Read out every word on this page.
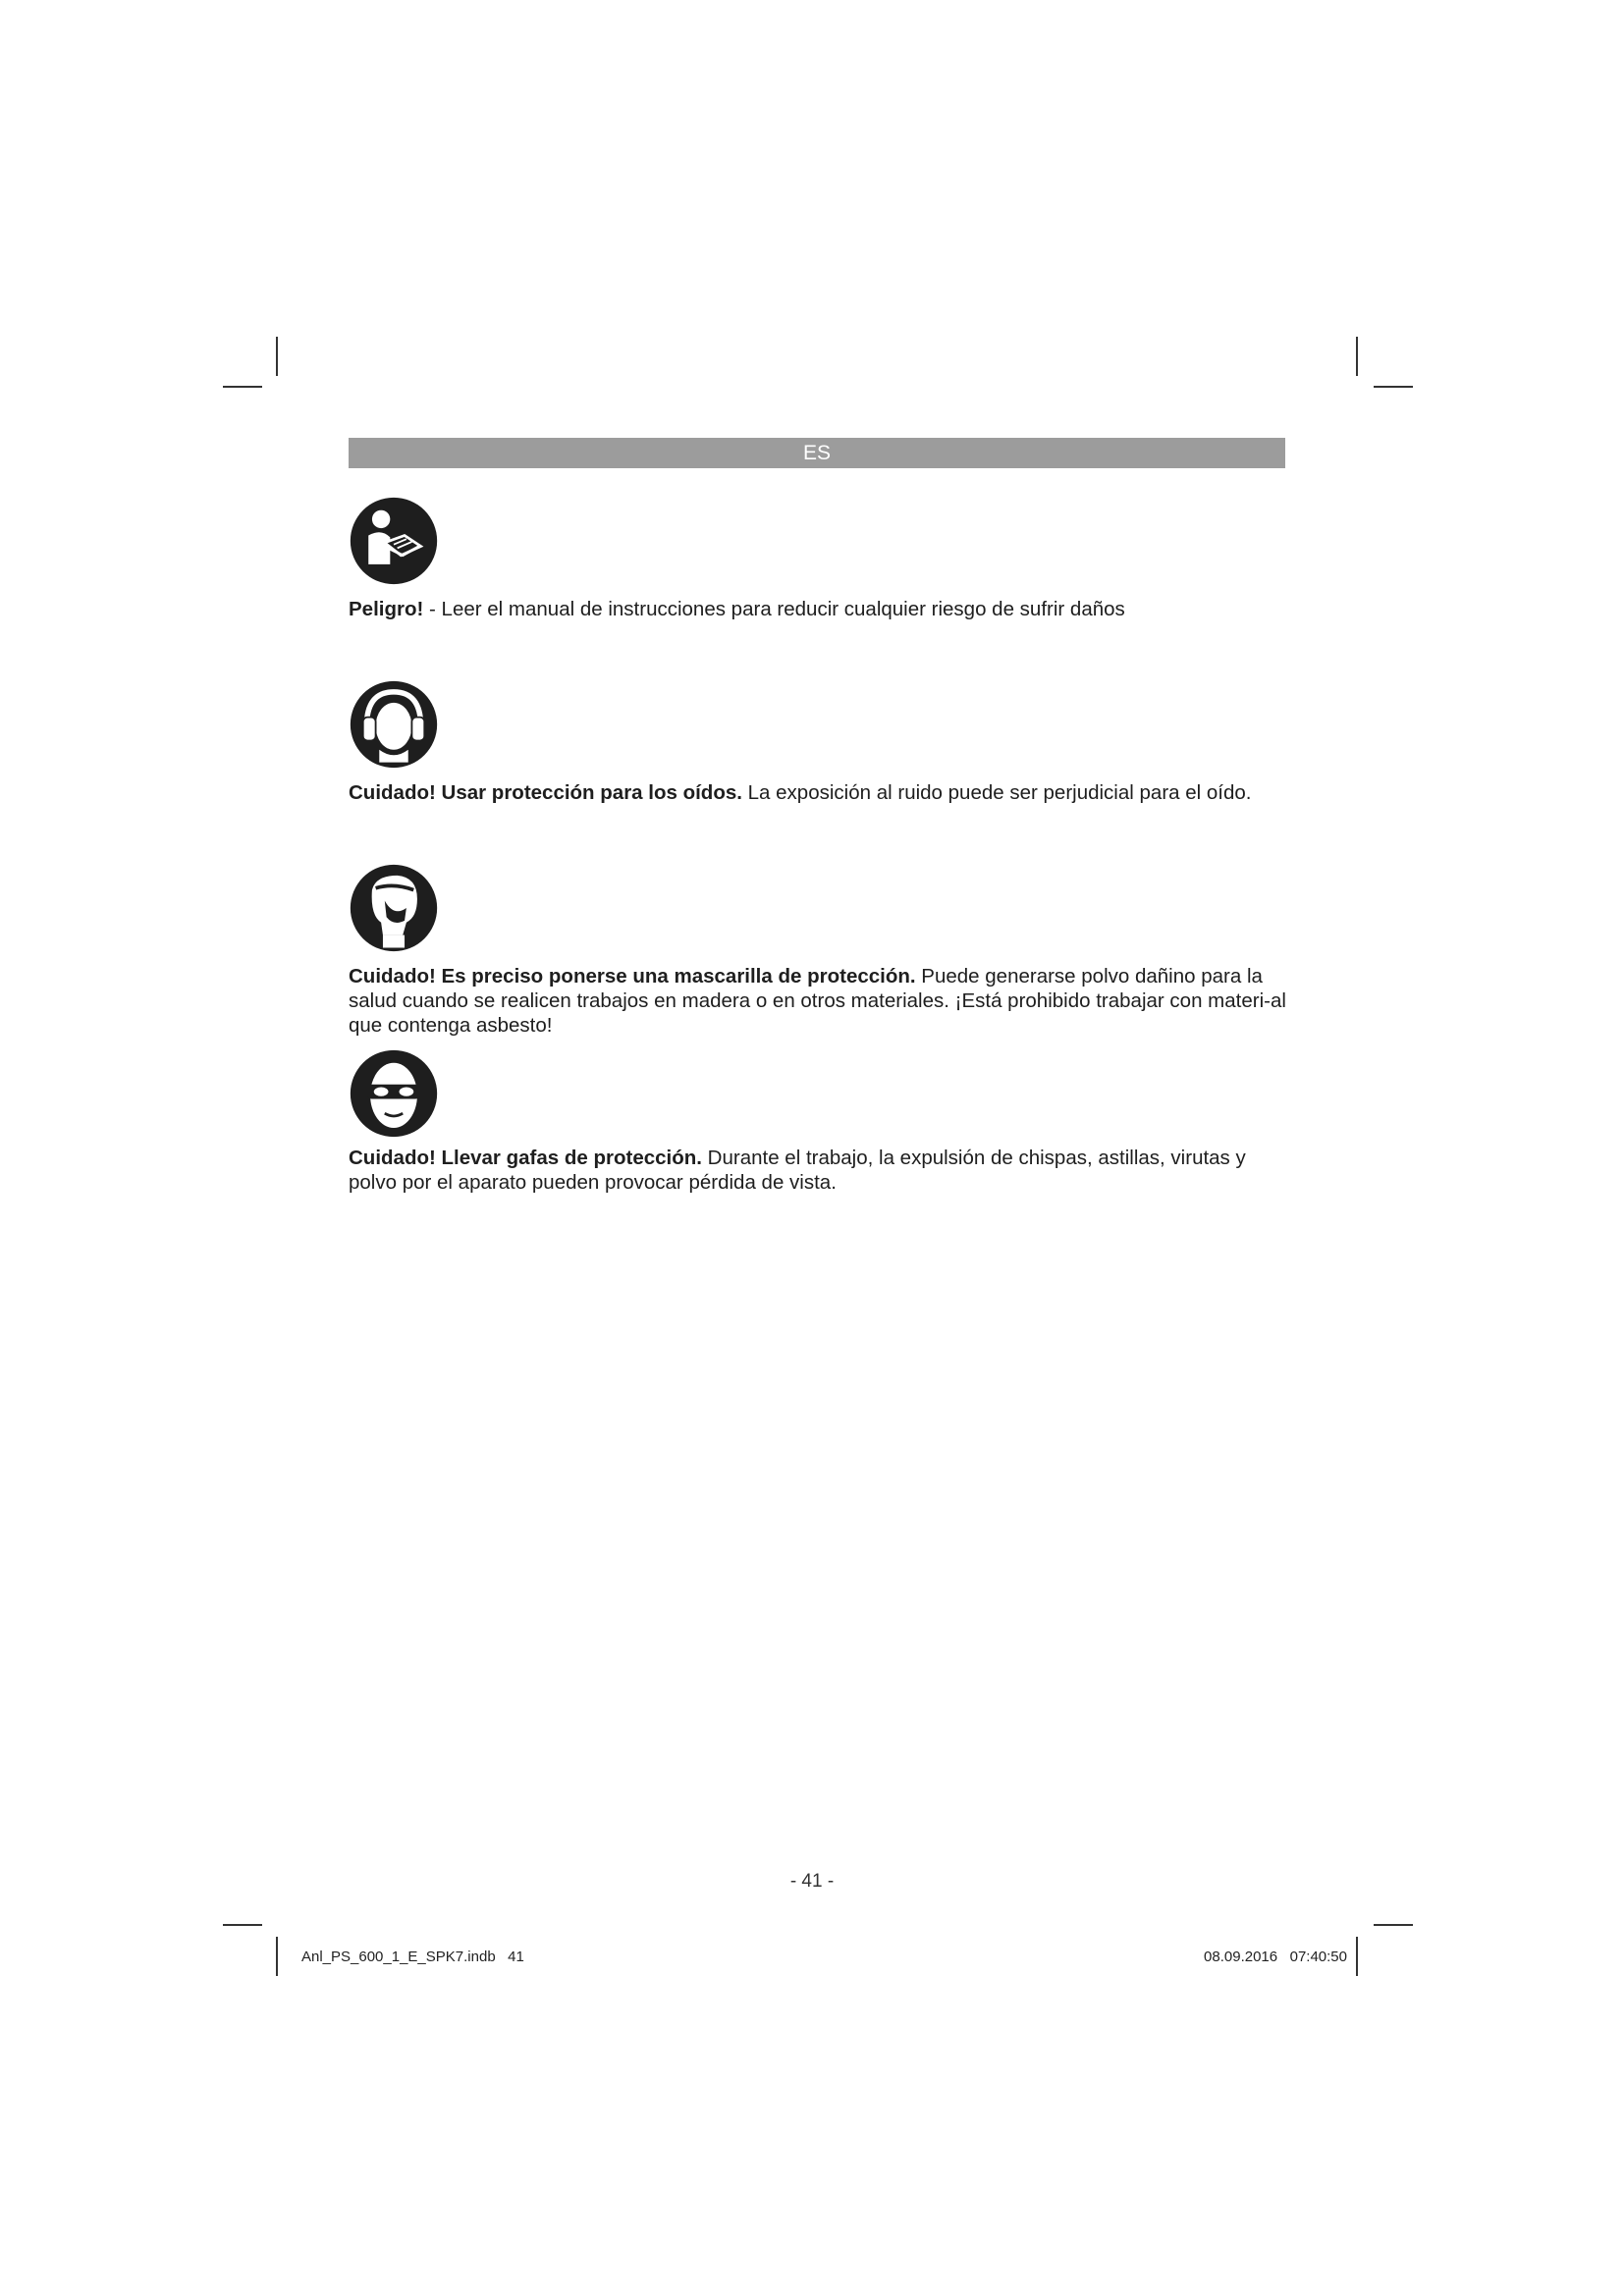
ES
Peligro! - Leer el manual de instrucciones para reducir cualquier riesgo de sufrir daños
Cuidado! Usar protección para los oídos. La exposición al ruido puede ser perjudicial para el oído.
Cuidado! Es preciso ponerse una mascarilla de protección. Puede generarse polvo dañino para la salud cuando se realicen trabajos en madera o en otros materiales. ¡Está prohibido trabajar con materi-al que contenga asbesto!
Cuidado! Llevar gafas de protección. Durante el trabajo, la expulsión de chispas, astillas, virutas y polvo por el aparato pueden provocar pérdida de vista.
- 41 -
Anl_PS_600_1_E_SPK7.indb   41	08.09.2016   07:40:50
